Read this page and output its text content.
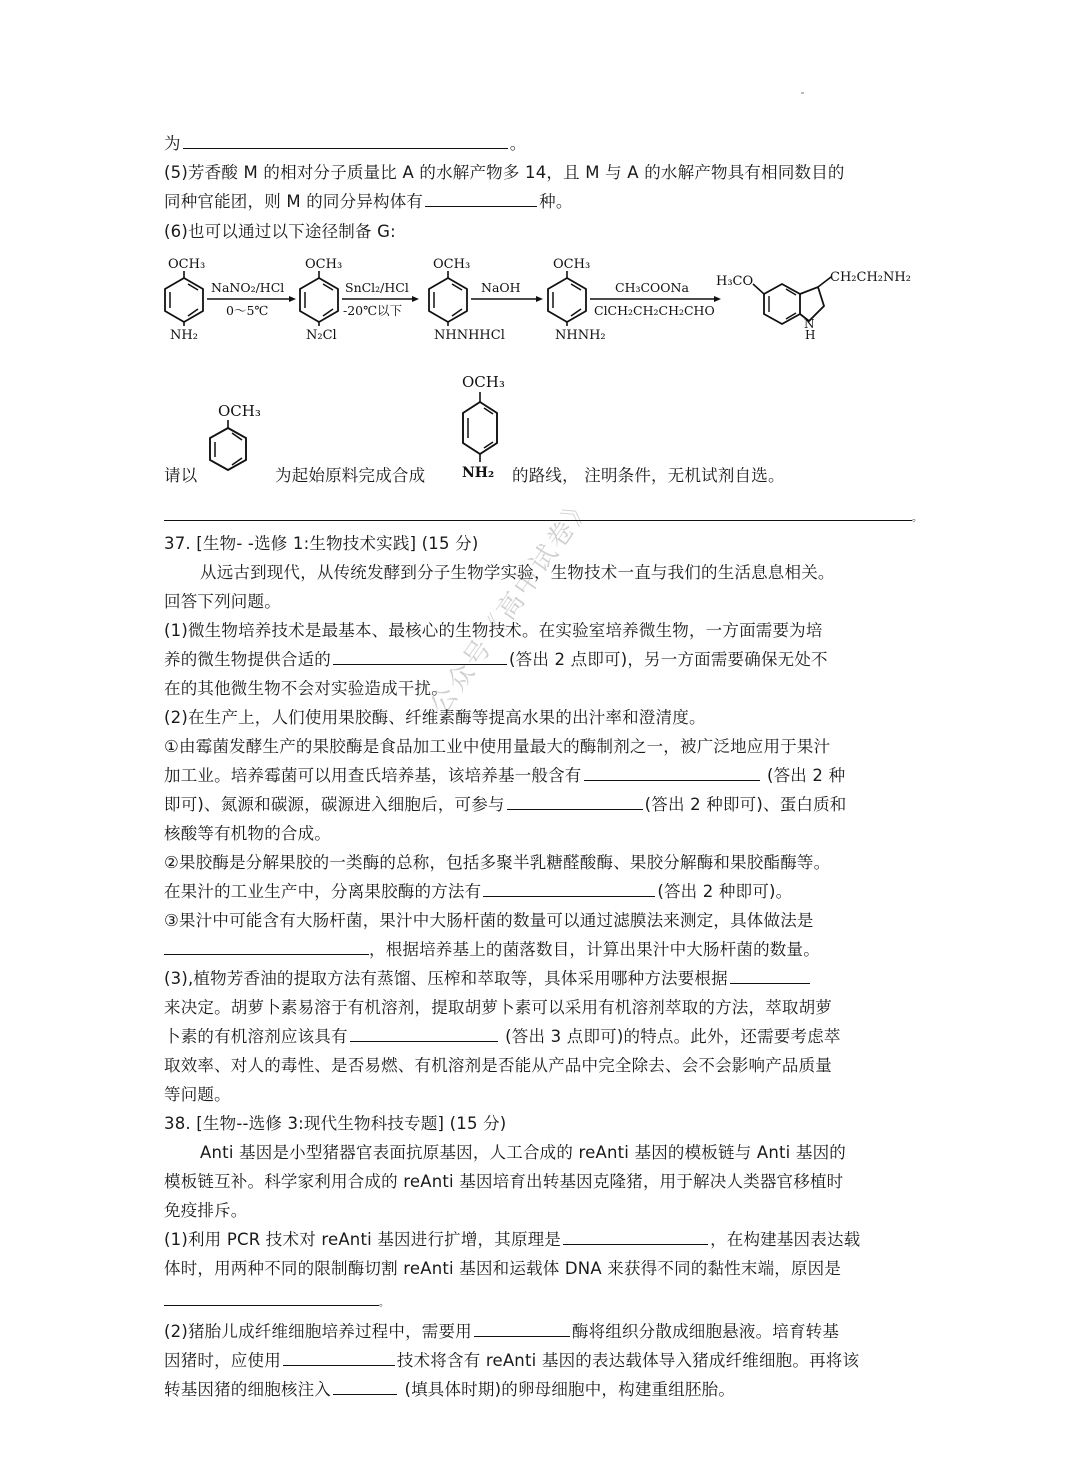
公众号《高中试卷》
为	。
(5)芳香酸 M 的相对分子质量比 A 的水解产物多 14，且 M 与 A 的水解产物具有相同数目的
同种官能团，则 M 的同分异构体有	种。
(6)也可以通过以下途径制备 G:
OCH₃
NH₂
NaNO₂/HCl
0～5℃
OCH₃
N₂Cl
SnCl₂/HCl
-20℃以下
OCH₃
NHNHHCl
NaOH
OCH₃
NHNH₂
CH₃COONa
ClCH₂CH₂CH₂CHO
H₃CO	CH₂CH₂NH₂
N
H
OCH₃
OCH₃
NH₂
请以	为起始原料完成合成	的路线， 注明条件，无机试剂自选。
。
37. [生物- -选修 1:生物技术实践] (15 分)
从远古到现代，从传统发酵到分子生物学实验，生物技术一直与我们的生活息息相关。
回答下列问题。
(1)微生物培养技术是最基本、最核心的生物技术。在实验室培养微生物，一方面需要为培
养的微生物提供合适的	(答出 2 点即可)，另一方面需要确保无处不
在的其他微生物不会对实验造成干扰。
(2)在生产上，人们使用果胶酶、纤维素酶等提高水果的出汁率和澄清度。
①由霉菌发酵生产的果胶酶是食品加工业中使用量最大的酶制剂之一，被广泛地应用于果汁
加工业。培养霉菌可以用查氏培养基，该培养基一般含有	(答出 2 种
即可)、氮源和碳源，碳源进入细胞后，可参与	(答出 2 种即可)、蛋白质和
核酸等有机物的合成。
②果胶酶是分解果胶的一类酶的总称，包括多聚半乳糖醛酸酶、果胶分解酶和果胶酯酶等。
在果汁的工业生产中，分离果胶酶的方法有	(答出 2 种即可)。
③果汁中可能含有大肠杆菌，果汁中大肠杆菌的数量可以通过滤膜法来测定，具体做法是
，根据培养基上的菌落数目，计算出果汁中大肠杆菌的数量。
(3),植物芳香油的提取方法有蒸馏、压榨和萃取等，具体采用哪种方法要根据
来决定。胡萝卜素易溶于有机溶剂，提取胡萝卜素可以采用有机溶剂萃取的方法，萃取胡萝
卜素的有机溶剂应该具有	(答出 3 点即可)的特点。此外，还需要考虑萃
取效率、对人的毒性、是否易燃、有机溶剂是否能从产品中完全除去、会不会影响产品质量
等问题。
38. [生物--选修 3:现代生物科技专题] (15 分)
Anti 基因是小型猪器官表面抗原基因，人工合成的 reAnti 基因的模板链与 Anti 基因的
模板链互补。科学家利用合成的 reAnti 基因培育出转基因克隆猪，用于解决人类器官移植时
免疫排斥。
(1)利用 PCR 技术对 reAnti 基因进行扩增，其原理是	，在构建基因表达载
体时，用两种不同的限制酶切割 reAnti 基因和运载体 DNA 来获得不同的黏性末端，原因是
。
(2)猪胎儿成纤维细胞培养过程中，需要用	酶将组织分散成细胞悬液。培育转基
因猪时，应使用	技术将含有 reAnti 基因的表达载体导入猪成纤维细胞。再将该
转基因猪的细胞核注入	(填具体时期)的卵母细胞中，构建重组胚胎。
